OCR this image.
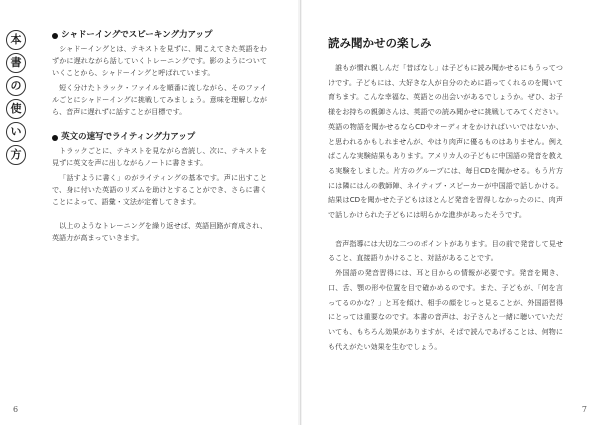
本
書
の
使
い
方
シャドーイングでスピーキング力アップ

シャドーイングとは、テキストを見ずに、聞こえてきた英語をわずかに遅れながら話していくトレーニングです。影のようについていくことから、シャドーイングと呼ばれています。

短く分けたトラック・ファイルを順番に流しながら、そのファイルごとにシャドーイングに挑戦してみましょう。意味を理解しながら、音声に遅れずに話すことが目標です。

英文の速写でライティング力アップ

トラックごとに、テキストを見ながら音読し、次に、テキストを見ずに英文を声に出しながらノートに書きます。

「話すように書く」のがライティングの基本です。声に出すことで、身に付いた英語のリズムを助けとすることができ、さらに書くことによって、語彙・文法が定着してきます。

以上のようなトレーニングを繰り返せば、英語回路が育成され、英語力が高まっていきます。

読み聞かせの楽しみ

誰もが慣れ親しんだ「昔ばなし」は子どもに読み聞かせるにもうってつけです。子どもには、大好きな人が自分のために語ってくれるのを聞いて育ちます。こんな幸福な、英語との出会いがあるでしょうか。ぜひ、お子様をお持ちの親御さんは、英語での読み聞かせに挑戦してみてください。英語の物語を聞かせるならCDやオーディオをかければいいではないか、と思われるかもしれませんが、やはり肉声に優るものはありません。例えばこんな実験結果もあります。アメリカ人の子どもに中国語の発音を教える実験をしました。片方のグループには、毎日CDを聞かせる。もう片方には隣にはんの教師陣、ネイティブ・スピーカーが中国語で話しかける。結果はCDを聞かせた子どもはほとんど発音を習得しなかったのに、肉声で話しかけられた子どもには明らかな進歩があったそうです。

音声指導には大切な二つのポイントがあります。目の前で発音して見せること、直接語りかけること、対話があることです。

外国語の発音習得には、耳と目からの情報が必要です。発音を聞き、口、舌、顎の形や位置を目で確かめるのです。また、子どもが、「何を言ってるのかな？」と耳を傾け、相手の顔をじっと見ることが、外国語習得にとっては重要なのです。本書の音声は、お子さんと一緒に聴いていただいても、もちろん効果がありますが、そばで読んであげることは、何物にも代えがたい効果を生むでしょう。

6	7
